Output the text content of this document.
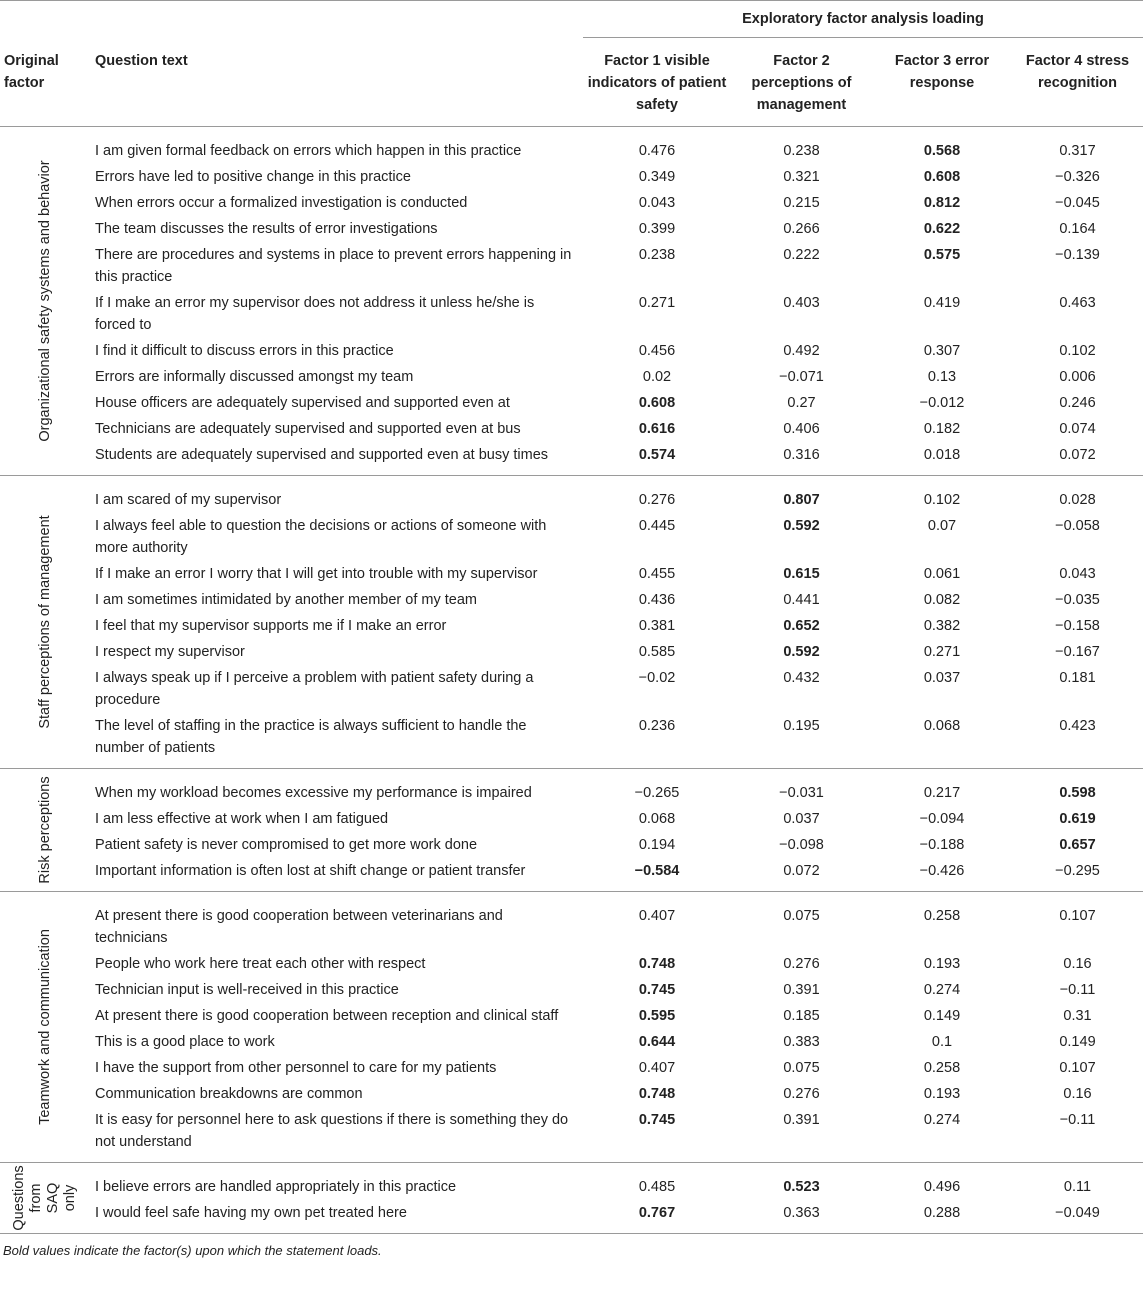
		Exploratory factor analysis loading			
Original factor	Question text	Factor 1 visible indicators of patient safety	Factor 2 perceptions of management	Factor 3 error response	Factor 4 stress recognition

Organizational safety systems and behavior	I am given formal feedback on errors which happen in this practice	0.476	0.238	0.568	0.317
	Errors have led to positive change in this practice	0.349	0.321	0.608	−0.326
	When errors occur a formalized investigation is conducted	0.043	0.215	0.812	−0.045
	The team discusses the results of error investigations	0.399	0.266	0.622	0.164
	There are procedures and systems in place to prevent errors happening in this practice	0.238	0.222	0.575	−0.139
	If I make an error my supervisor does not address it unless he/she is forced to	0.271	0.403	0.419	0.463
	I find it difficult to discuss errors in this practice	0.456	0.492	0.307	0.102
	Errors are informally discussed amongst my team	0.02	−0.071	0.13	0.006
	House officers are adequately supervised and supported even at	0.608	0.27	−0.012	0.246
	Technicians are adequately supervised and supported even at bus	0.616	0.406	0.182	0.074
	Students are adequately supervised and supported even at busy times	0.574	0.316	0.018	0.072

Staff perceptions of management	I am scared of my supervisor	0.276	0.807	0.102	0.028
	I always feel able to question the decisions or actions of someone with more authority	0.445	0.592	0.07	−0.058
	If I make an error I worry that I will get into trouble with my supervisor	0.455	0.615	0.061	0.043
	I am sometimes intimidated by another member of my team	0.436	0.441	0.082	−0.035
	I feel that my supervisor supports me if I make an error	0.381	0.652	0.382	−0.158
	I respect my supervisor	0.585	0.592	0.271	−0.167
	I always speak up if I perceive a problem with patient safety during a procedure	−0.02	0.432	0.037	0.181
	The level of staffing in the practice is always sufficient to handle the number of patients	0.236	0.195	0.068	0.423

Risk perceptions	When my workload becomes excessive my performance is impaired	−0.265	−0.031	0.217	0.598
	I am less effective at work when I am fatigued	0.068	0.037	−0.094	0.619
	Patient safety is never compromised to get more work done	0.194	−0.098	−0.188	0.657
	Important information is often lost at shift change or patient transfer	−0.584	0.072	−0.426	−0.295

Teamwork and communication	At present there is good cooperation between veterinarians and technicians	0.407	0.075	0.258	0.107
	People who work here treat each other with respect	0.748	0.276	0.193	0.16
	Technician input is well-received in this practice	0.745	0.391	0.274	−0.11
	At present there is good cooperation between reception and clinical staff	0.595	0.185	0.149	0.31
	This is a good place to work	0.644	0.383	0.1	0.149
	I have the support from other personnel to care for my patients	0.407	0.075	0.258	0.107
	Communication breakdowns are common	0.748	0.276	0.193	0.16
	It is easy for personnel here to ask questions if there is something they do not understand	0.745	0.391	0.274	−0.11

Questions from SAQ only	I believe errors are handled appropriately in this practice	0.485	0.523	0.496	0.11
	I would feel safe having my own pet treated here	0.767	0.363	0.288	−0.049
Bold values indicate the factor(s) upon which the statement loads.
